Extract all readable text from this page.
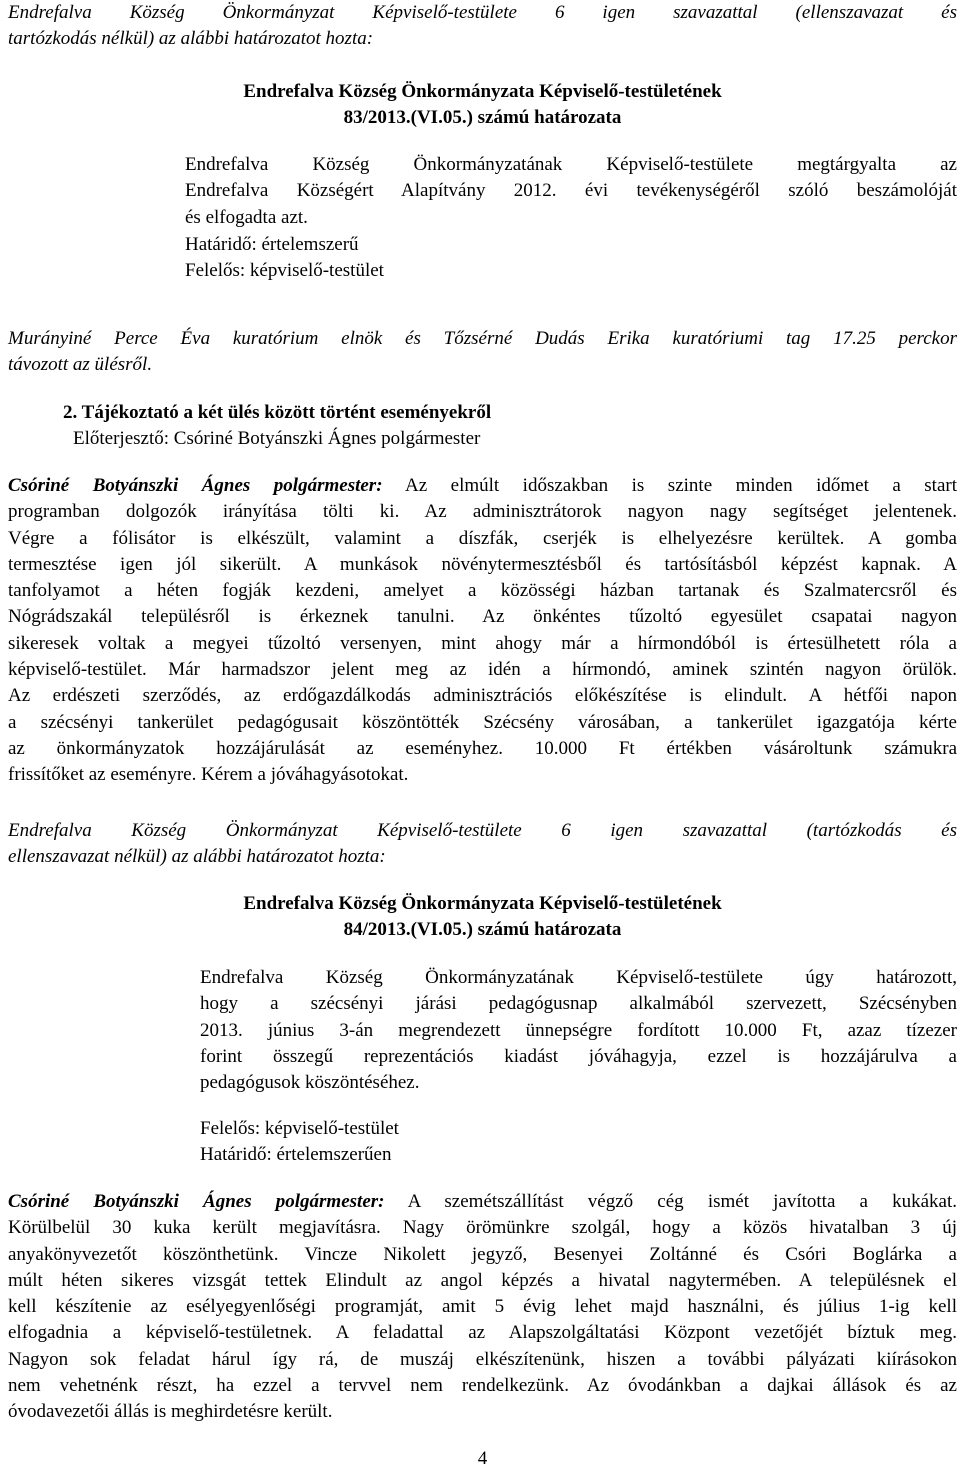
Endrefalva Község Önkormányzat Képviselő-testülete 6 igen szavazattal (ellenszavazat és
tartózkodás nélkül) az alábbi határozatot hozta:
Endrefalva Község Önkormányzata Képviselő-testületének
83/2013.(VI.05.) számú határozata
Endrefalva Község Önkormányzatának Képviselő-testülete megtárgyalta az
Endrefalva Községért Alapítvány 2012. évi tevékenységéről szóló beszámolóját
és elfogadta azt.
Határidő: értelemszerű
Felelős: képviselő-testület
Murányiné Perce Éva kuratórium elnök és Tőzsérné Dudás Erika kuratóriumi tag 17.25 perckor
távozott az ülésről.
2. Tájékoztató a két ülés között történt eseményekről
Előterjesztő: Csóriné Botyánszki Ágnes polgármester
Csóriné Botyánszki Ágnes polgármester: Az elmúlt időszakban is szinte minden időmet a start
programban dolgozók irányítása tölti ki. Az adminisztrátorok nagyon nagy segítséget jelentenek.
Végre a fólisátor is elkészült, valamint a díszfák, cserjék is elhelyezésre kerültek. A gomba
termesztése igen jól sikerült. A munkások növénytermesztésből és tartósításból képzést kapnak. A
tanfolyamot a héten fogják kezdeni, amelyet a közösségi házban tartanak és Szalmatercsről és
Nógrádszakál településről is érkeznek tanulni. Az önkéntes tűzoltó egyesület csapatai nagyon
sikeresek voltak a megyei tűzoltó versenyen, mint ahogy már a hírmondóból is értesülhetett róla a
képviselő-testület. Már harmadszor jelent meg az idén a hírmondó, aminek szintén nagyon örülök.
Az erdészeti szerződés, az erdőgazdálkodás adminisztrációs előkészítése is elindult. A hétfői napon
a szécsényi tankerület pedagógusait köszöntötték Szécsény városában, a tankerület igazgatója kérte
az önkormányzatok hozzájárulását az eseményhez. 10.000 Ft értékben vásároltunk számukra
frissítőket az eseményre. Kérem a jóváhagyásotokat.
Endrefalva Község Önkormányzat Képviselő-testülete 6 igen szavazattal (tartózkodás és
ellenszavazat nélkül) az alábbi határozatot hozta:
Endrefalva Község Önkormányzata Képviselő-testületének
84/2013.(VI.05.) számú határozata
Endrefalva Község Önkormányzatának Képviselő-testülete úgy határozott,
hogy a szécsényi járási pedagógusnap alkalmából szervezett, Szécsényben
2013. június 3-án megrendezett ünnepségre fordított 10.000 Ft, azaz tízezer
forint összegű reprezentációs kiadást jóváhagyja, ezzel is hozzájárulva a
pedagógusok köszöntéséhez.
Felelős: képviselő-testület
Határidő: értelemszerűen
Csóriné Botyánszki Ágnes polgármester: A szemétszállítást végző cég ismét javította a kukákat.
Körülbelül 30 kuka került megjavításra. Nagy örömünkre szolgál, hogy a közös hivatalban 3 új
anyakönyvezetőt köszönthetünk. Vincze Nikolett jegyző, Besenyei Zoltánné és Csóri Boglárka a
múlt héten sikeres vizsgát tettek Elindult az angol képzés a hivatal nagytermében. A településnek el
kell készítenie az esélyegyenlőségi programját, amit 5 évig lehet majd használni, és július 1-ig kell
elfogadnia a képviselő-testületnek. A feladattal az Alapszolgáltatási Központ vezetőjét bíztuk meg.
Nagyon sok feladat hárul így rá, de muszáj elkészítenünk, hiszen a további pályázati kiírásokon
nem vehetnénk részt, ha ezzel a tervvel nem rendelkezünk. Az óvodánkban a dajkai állások és az
óvodavezetői állás is meghirdetésre került.
4
